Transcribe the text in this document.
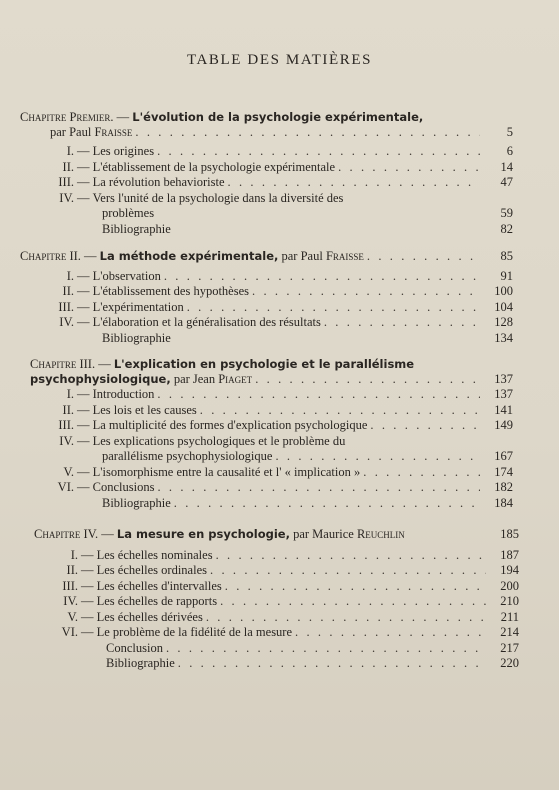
TABLE DES MATIÈRES
Chapitre Premier. — L'évolution de la psychologie expérimentale,
par Paul Fraisse . . .	5
I. — Les origines . . .	6
II. — L'établissement de la psychologie expérimentale . . .	14
III. — La révolution behavioriste . . .	47
IV. — Vers l'unité de la psychologie dans la diversité des
problèmes	59
Bibliographie	82
Chapitre II. — La méthode expérimentale,
par Paul Fraisse . . .	85
I. — L'observation . . .	91
II. — L'établissement des hypothèses . . .	100
III. — L'expérimentation . . .	104
IV. — L'élaboration et la généralisation des résultats . . .	128
Bibliographie	134
Chapitre III. — L'explication en psychologie et le parallélisme
psychophysiologique,
par Jean Piaget . . .	137
I. — Introduction . . .	137
II. — Les lois et les causes . . .	141
III. — La multiplicité des formes d'explication psychologique . . .	149
IV. — Les explications psychologiques et le problème du
parallélisme psychophysiologique . . .	167
V. — L'isomorphisme entre la causalité et l' « implication » . . .	174
VI. — Conclusions . . .	182
Bibliographie . . .	184
Chapitre IV. — La mesure en psychologie,
par Maurice Reuchlin	185
I. — Les échelles nominales . . .	187
II. — Les échelles ordinales . . .	194
III. — Les échelles d'intervalles . . .	200
IV. — Les échelles de rapports . . .	210
V. — Les échelles dérivées . . .	211
VI. — Le problème de la fidélité de la mesure . . .	214
Conclusion . . .	217
Bibliographie . . .	220
